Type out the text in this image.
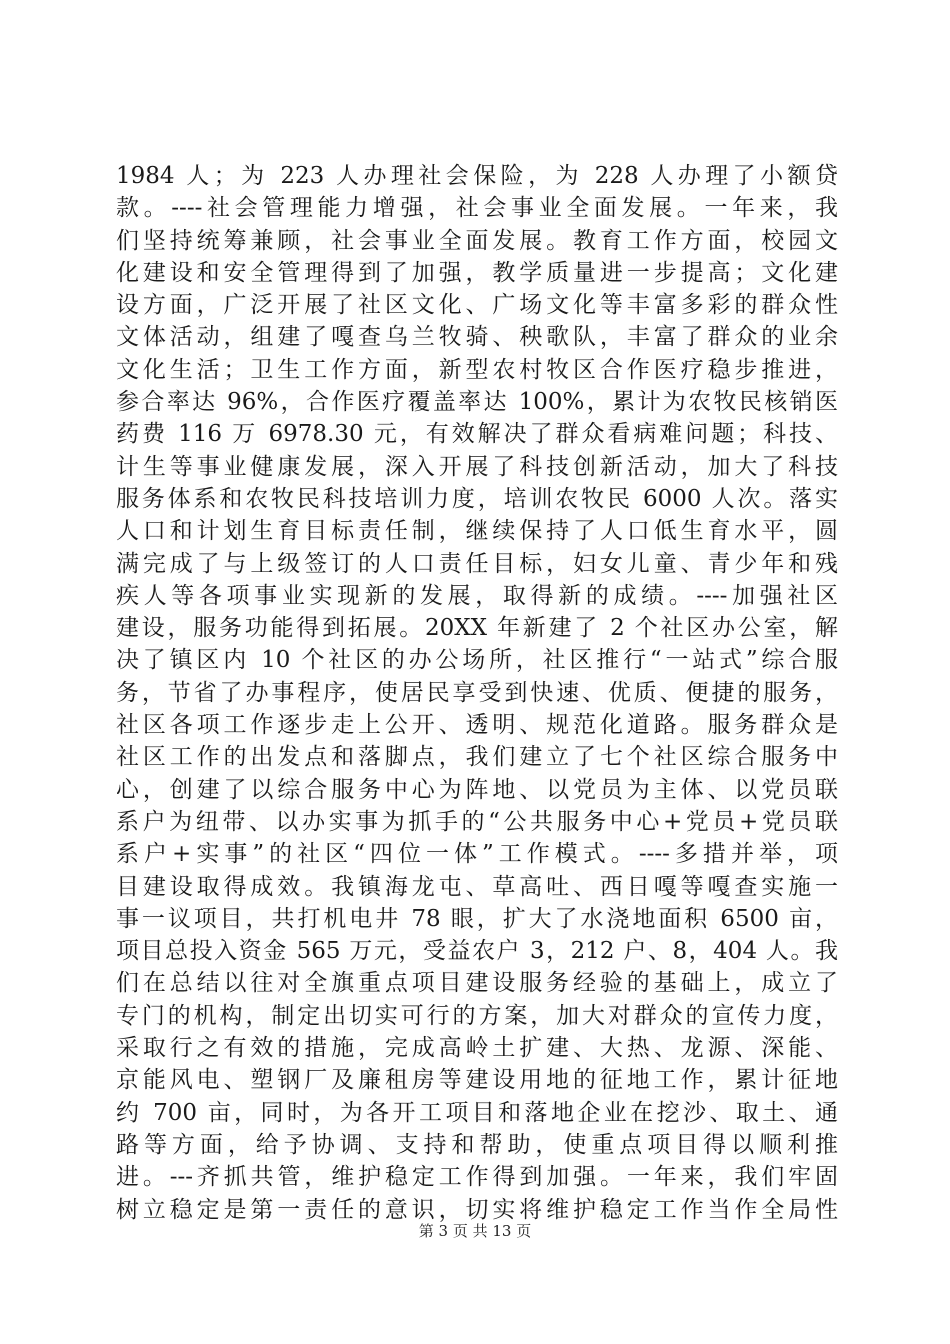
1984 人；为 223 人办理社会保险，为 228 人办理了小额贷
款。----社会管理能力增强，社会事业全面发展。一年来，我
们坚持统筹兼顾，社会事业全面发展。教育工作方面，校园文
化建设和安全管理得到了加强，教学质量进一步提高；文化建
设方面，广泛开展了社区文化、广场文化等丰富多彩的群众性
文体活动，组建了嘎查乌兰牧骑、秧歌队，丰富了群众的业余
文化生活；卫生工作方面，新型农村牧区合作医疗稳步推进，
参合率达 96%，合作医疗覆盖率达 100%，累计为农牧民核销医
药费 116 万 6978.30 元，有效解决了群众看病难问题；科技、
计生等事业健康发展，深入开展了科技创新活动，加大了科技
服务体系和农牧民科技培训力度，培训农牧民 6000 人次。落实
人口和计划生育目标责任制，继续保持了人口低生育水平，圆
满完成了与上级签订的人口责任目标，妇女儿童、青少年和残
疾人等各项事业实现新的发展，取得新的成绩。----加强社区
建设，服务功能得到拓展。20XX 年新建了 2 个社区办公室，解
决了镇区内 10 个社区的办公场所，社区推行“一站式”综合服
务，节省了办事程序，使居民享受到快速、优质、便捷的服务，
社区各项工作逐步走上公开、透明、规范化道路。服务群众是
社区工作的出发点和落脚点，我们建立了七个社区综合服务中
心，创建了以综合服务中心为阵地、以党员为主体、以党员联
系户为纽带、以办实事为抓手的“公共服务中心+党员+党员联
系户+实事”的社区“四位一体”工作模式。----多措并举，项
目建设取得成效。我镇海龙屯、草高吐、西日嘎等嘎查实施一
事一议项目，共打机电井 78 眼，扩大了水浇地面积 6500 亩，
项目总投入资金 565 万元，受益农户 3，212 户、8，404 人。我
们在总结以往对全旗重点项目建设服务经验的基础上，成立了
专门的机构，制定出切实可行的方案，加大对群众的宣传力度，
采取行之有效的措施，完成高岭土扩建、大热、龙源、深能、
京能风电、塑钢厂及廉租房等建设用地的征地工作，累计征地
约 700 亩，同时，为各开工项目和落地企业在挖沙、取土、通
路等方面，给予协调、支持和帮助，使重点项目得以顺利推
进。---齐抓共管，维护稳定工作得到加强。一年来，我们牢固
树立稳定是第一责任的意识，切实将维护稳定工作当作全局性
第 3 页 共 13 页
